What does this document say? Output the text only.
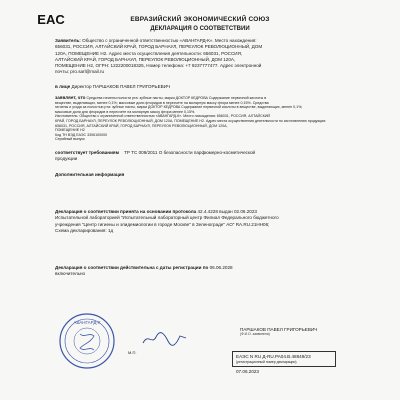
EAC	ЕВРАЗИЙСКИЙ ЭКОНОМИЧЕСКИЙ СОЮЗ
ДЕКЛАРАЦИЯ О СООТВЕТСТВИИ
Заявитель: Общество с ограниченной ответственностью «АВАНГАРД-К». Место нахождения:
656031, РОССИЯ, АЛТАЙСКИЙ КРАЙ, ГОРОД БАРНАУЛ, ПЕРЕУЛОК РЕВОЛЮЦИОННЫЙ, ДОМ
120А, ПОМЕЩЕНИЕ Н2. Адрес места осуществления деятельности: 656031, РОССИЯ,
АЛТАЙСКИЙ КРАЙ, ГОРОД БАРНАУЛ, ПЕРЕУЛОК РЕВОЛЮЦИОННЫЙ, ДОМ 120А,
ПОМЕЩЕНИЕ Н2, ОГРН: 1222200018325, Номер телефона: +7 9237777477. Адрес электронной
почты: pro.sarl@mail.ru
в лице Директор ПАРШАКОВ ПАВЕЛ ГРИГОРЬЕВИЧ
заявляет, что Средства гигиены полости рта: зубные пасты, марки ДОКТОР КЕДРОВА Содержание первичной кислоты в
веществе, выделяющих, менее 0,1%; массовые доли фторидов в пересчете на молярную массу фтора менее 0,15%. Средства
гигиены и ухода за полостью рта: зубные пасты, марки ДОКТОР КЕДРОВА Содержание первичной кислоты в веществе, выделяющих, менее 0,1%;
массовые доли для фторидов в пересчете на молярную массу фтора менее 0,15%.
Изготовитель: Общество с ограниченной ответственностью «АВАНГАРД-К». Место нахождения: 656031, РОССИЯ, АЛТАЙСКИЙ
КРАЙ, ГОРОД БАРНАУЛ, ПЕРЕУЛОК РЕВОЛЮЦИОННЫЙ, ДОМ 120А, ПОМЕЩЕНИЕ Н2. Адрес места осуществления деятельности по изготовлению продукции:
656031, РОССИЯ, АЛТАЙСКИЙ КРАЙ, ГОРОД БАРНАУЛ, ПЕРЕУЛОК РЕВОЛЮЦИОННЫЙ, ДОМ 120А,
ПОМЕЩЕНИЕ Н2
Код ТН ВЭД ЕАЭС 3306100000
Серийный выпуск
соответствует требованиям ТР ТС 009/2011 О безопасности парфюмерно-косметической
продукции
Дополнительная информация
Декларация о соответствии принята на основании протокола 42.4.4228 выдан 02.06.2023
Испытательной лабораторией "Испытательный лабораторный центр Филиал Федерального бюджетного
учреждения "Центр гигиены и эпидемиологии в городе Москве" в Зеленограде" АО" RA.RU.21НН06;
Схема декларирования: 1д
Декларация о соответствии действительна с даты регистрации по 06.06.2028
включительно
АВАНГАРД-К
М.П.
ПАРШАКОВ ПАВЕЛ ГРИГОРЬЕВИЧ
(Ф.И.О. заявителя)
ЕАЭС N RU Д-RU.PA04.B.48849/23
(регистрационный номер декларации)
07.06.2023
